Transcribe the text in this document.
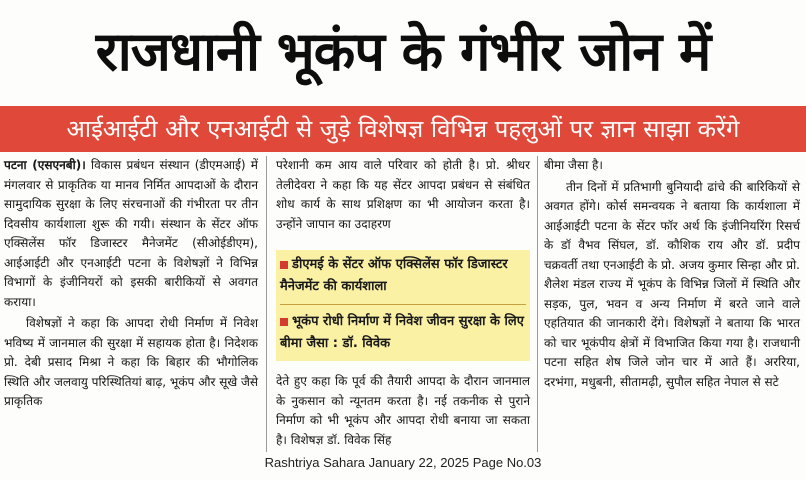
राजधानी भूकंप के गंभीर जोन में
आईआईटी और एनआईटी से जुड़े विशेषज्ञ विभिन्न पहलुओं पर ज्ञान साझा करेंगे

पटना (एसएनबी)। विकास प्रबंधन संस्थान (डीएमआई) में मंगलवार से प्राकृतिक या मानव निर्मित आपदाओं के दौरान सामुदायिक सुरक्षा के लिए संरचनाओं की गंभीरता पर तीन दिवसीय कार्यशाला शुरू की गयी। संस्थान के सेंटर ऑफ एक्सिलेंस फॉर डिजास्टर मैनेजमेंट (सीओईडीएम), आईआईटी और एनआईटी पटना के विशेषज्ञों ने विभिन्न विभागों के इंजीनियरों को इसकी बारीकियों से अवगत कराया।

विशेषज्ञों ने कहा कि आपदा रोधी निर्माण में निवेश भविष्य में जानमाल की सुरक्षा में सहायक होता है। निदेशक प्रो. देबी प्रसाद मिश्रा ने कहा कि बिहार की भौगोलिक स्थिति और जलवायु परिस्थितियां बाढ़, भूकंप और सूखे जैसे प्राकृतिक

परेशानी कम आय वाले परिवार को होती है। प्रो. श्रीधर तेलीदेवरा ने कहा कि यह सेंटर आपदा प्रबंधन से संबंधित शोध कार्य के साथ प्रशिक्षण का भी आयोजन करता है। उन्होंने जापान का उदाहरण

डीएमई के सेंटर ऑफ एक्सिलेंस फॉर डिजास्टर मैनेजमेंट की कार्यशाला
भूकंप रोधी निर्माण में निवेश जीवन सुरक्षा के लिए बीमा जैसा : डॉ. विवेक
देते हुए कहा कि पूर्व की तैयारी आपदा के दौरान जानमाल के नुकसान को न्यूनतम करता है। नई तकनीक से पुराने निर्माण को भी भूकंप और आपदा रोधी बनाया जा सकता है। विशेषज्ञ डॉ. विवेक सिंह

बीमा जैसा है।

तीन दिनों में प्रतिभागी बुनियादी ढांचे की बारिकियों से अवगत होंगे। कोर्स समन्वयक ने बताया कि कार्यशाला में आईआईटी पटना के सेंटर फॉर अर्थ कि इंजीनियरिंग रिसर्च के डॉ वैभव सिंघल, डॉ. कौशिक राय और डॉ. प्रदीप चक्रवर्ती तथा एनआईटी के प्रो. अजय कुमार सिन्हा और प्रो. शैलेश मंडल राज्य में भूकंप के विभिन्न जिलों में स्थिति और सड़क, पुल, भवन व अन्य निर्माण में बरते जाने वाले एहतियात की जानकारी देंगे। विशेषज्ञों ने बताया कि भारत को चार भूकंपीय क्षेत्रों में विभाजित किया गया है। राजधानी पटना सहित शेष जिले जोन चार में आते हैं। अररिया, दरभंगा, मधुबनी, सीतामढ़ी, सुपौल सहित नेपाल से सटे

Rashtriya Sahara January 22, 2025 Page No.03
